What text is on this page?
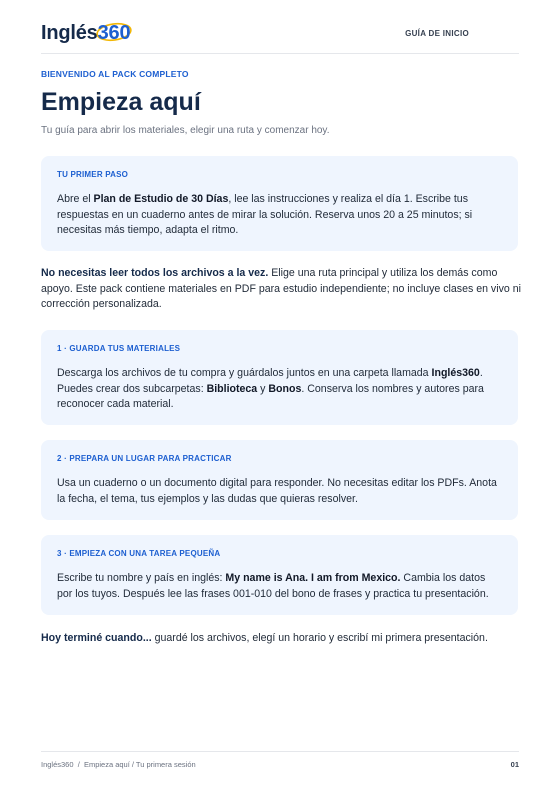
Inglés
360	GUÍA DE INICIO
BIENVENIDO AL PACK COMPLETO
Empieza aquí

Tu guía para abrir los materiales, elegir una ruta y comenzar hoy.

TU PRIMER PASO
Abre el Plan de Estudio de 30 Días, lee las instrucciones y realiza el día 1. Escribe tus respuestas en un cuaderno antes de mirar la solución. Reserva unos 20 a 25 minutos; si necesitas más tiempo, adapta el ritmo.

No necesitas leer todos los archivos a la vez. Elige una ruta principal y utiliza los demás como apoyo. Este pack contiene materiales en PDF para estudio independiente; no incluye clases en vivo ni corrección personalizada.

1 · GUARDA TUS MATERIALES
Descarga los archivos de tu compra y guárdalos juntos en una carpeta llamada Inglés360. Puedes crear dos subcarpetas: Biblioteca y Bonos. Conserva los nombres y autores para reconocer cada material.
2 · PREPARA UN LUGAR PARA PRACTICAR
Usa un cuaderno o un documento digital para responder. No necesitas editar los PDFs. Anota la fecha, el tema, tus ejemplos y las dudas que quieras resolver.
3 · EMPIEZA CON UNA TAREA PEQUEÑA
Escribe tu nombre y país en inglés: My name is Ana. I am from Mexico. Cambia los datos por los tuyos. Después lee las frases 001-010 del bono de frases y practica tu presentación.

Hoy terminé cuando... guardé los archivos, elegí un horario y escribí mi primera presentación.

Inglés360  /  Empieza aquí / Tu primera sesión	01
